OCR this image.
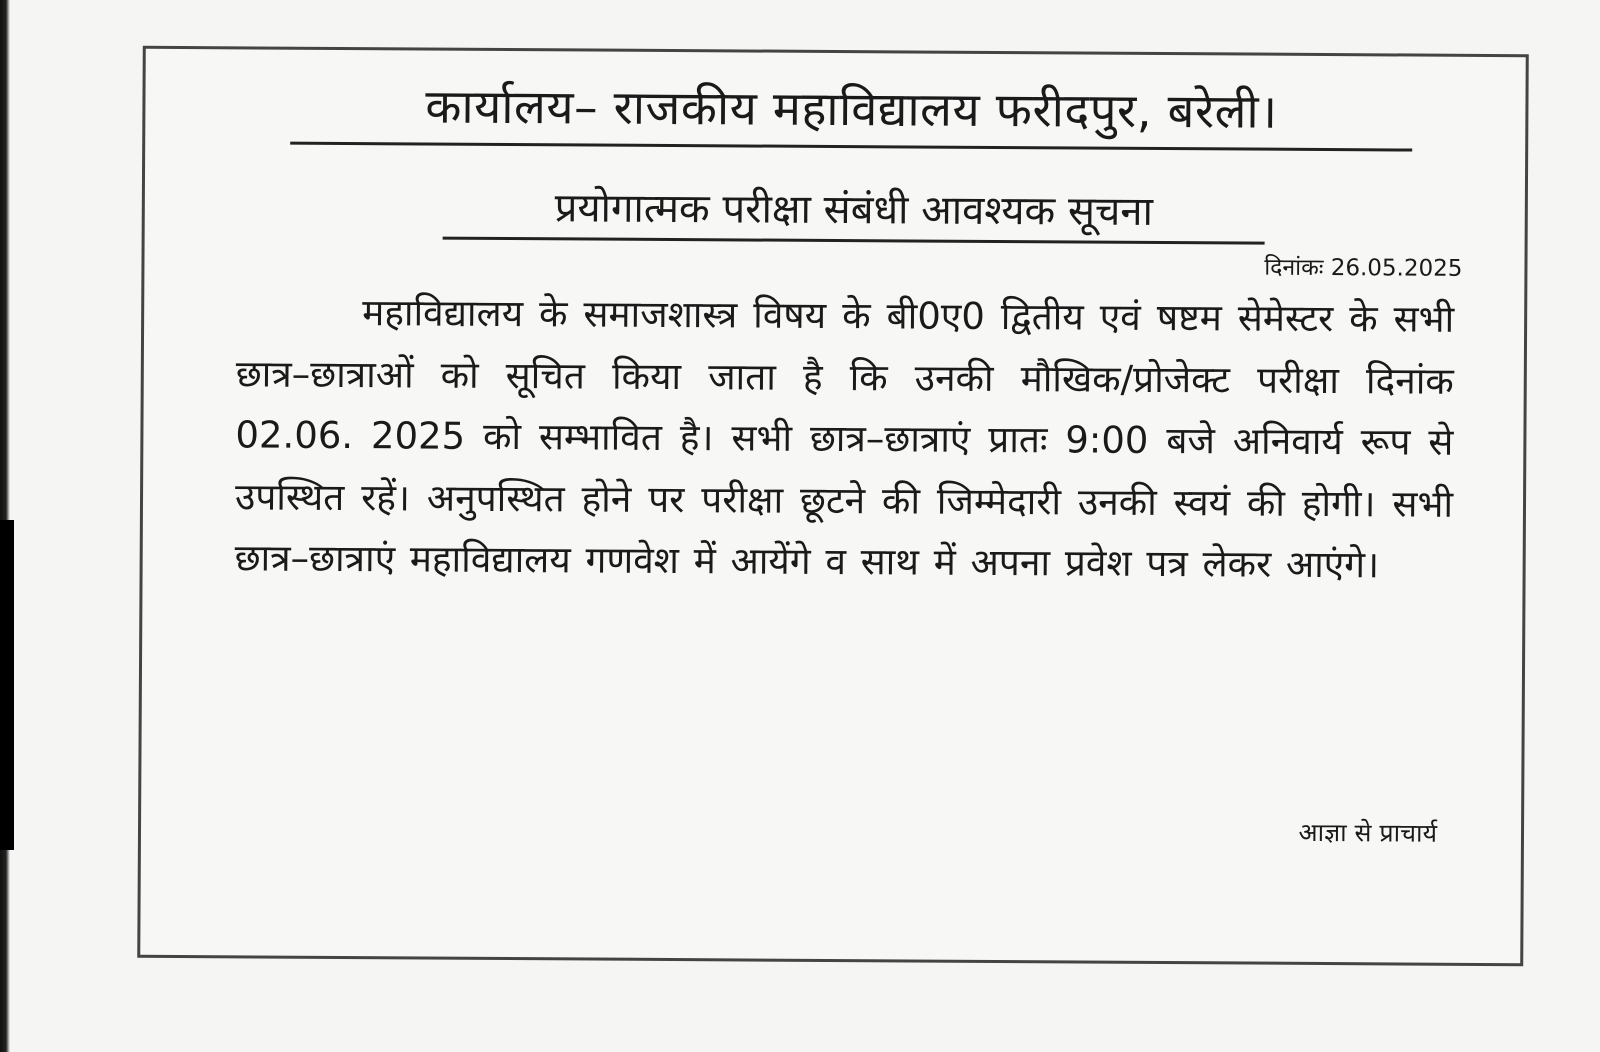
कार्यालय– राजकीय महाविद्यालय फरीदपुर, बरेली।
प्रयोगात्मक परीक्षा संबंधी आवश्यक सूचना
दिनांकः 26.05.2025
महाविद्यालय के समाजशास्त्र विषय के बी0ए0 द्वितीय एवं षष्टम सेमेस्टर के सभी छात्र–छात्राओं को सूचित किया जाता है कि उनकी मौखिक/प्रोजेक्ट परीक्षा दिनांक 02.06. 2025 को सम्भावित है। सभी छात्र–छात्राएं प्रातः 9:00 बजे अनिवार्य रूप से उपस्थित रहें। अनुपस्थित होने पर परीक्षा छूटने की जिम्मेदारी उनकी स्वयं की होगी। सभी छात्र–छात्राएं महाविद्यालय गणवेश में आयेंगे व साथ में अपना प्रवेश पत्र लेकर आएंगे।
आज्ञा से प्राचार्य
